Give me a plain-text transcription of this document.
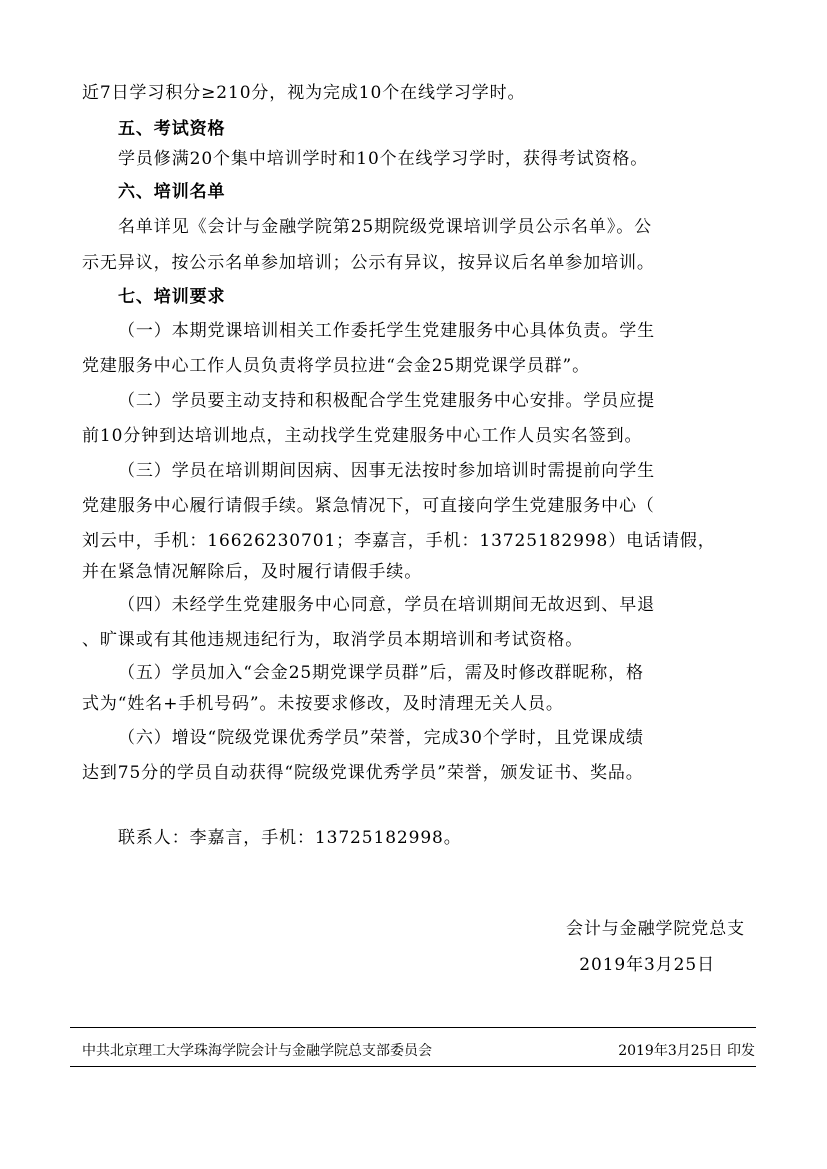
近7日学习积分≥210分，视为完成10个在线学习学时。
五、考试资格
学员修满20个集中培训学时和10个在线学习学时，获得考试资格。
六、培训名单
名单详见《会计与金融学院第25期院级党课培训学员公示名单》。公
示无异议，按公示名单参加培训；公示有异议，按异议后名单参加培训。
七、培训要求
（一）本期党课培训相关工作委托学生党建服务中心具体负责。学生
党建服务中心工作人员负责将学员拉进“会金25期党课学员群”。
（二）学员要主动支持和积极配合学生党建服务中心安排。学员应提
前10分钟到达培训地点，主动找学生党建服务中心工作人员实名签到。
（三）学员在培训期间因病、因事无法按时参加培训时需提前向学生
党建服务中心履行请假手续。紧急情况下，可直接向学生党建服务中心（
刘云中，手机：16626230701；李嘉言，手机：13725182998）电话请假，
并在紧急情况解除后，及时履行请假手续。
（四）未经学生党建服务中心同意，学员在培训期间无故迟到、早退
、旷课或有其他违规违纪行为，取消学员本期培训和考试资格。
（五）学员加入“会金25期党课学员群”后，需及时修改群昵称，格
式为“姓名+手机号码”。未按要求修改，及时清理无关人员。
（六）增设“院级党课优秀学员”荣誉，完成30个学时，且党课成绩
达到75分的学员自动获得“院级党课优秀学员”荣誉，颁发证书、奖品。
联系人：李嘉言，手机：13725182998。
会计与金融学院党总支
2019年3月25日
中共北京理工大学珠海学院会计与金融学院总支部委员会	2019年3月25日 印发
